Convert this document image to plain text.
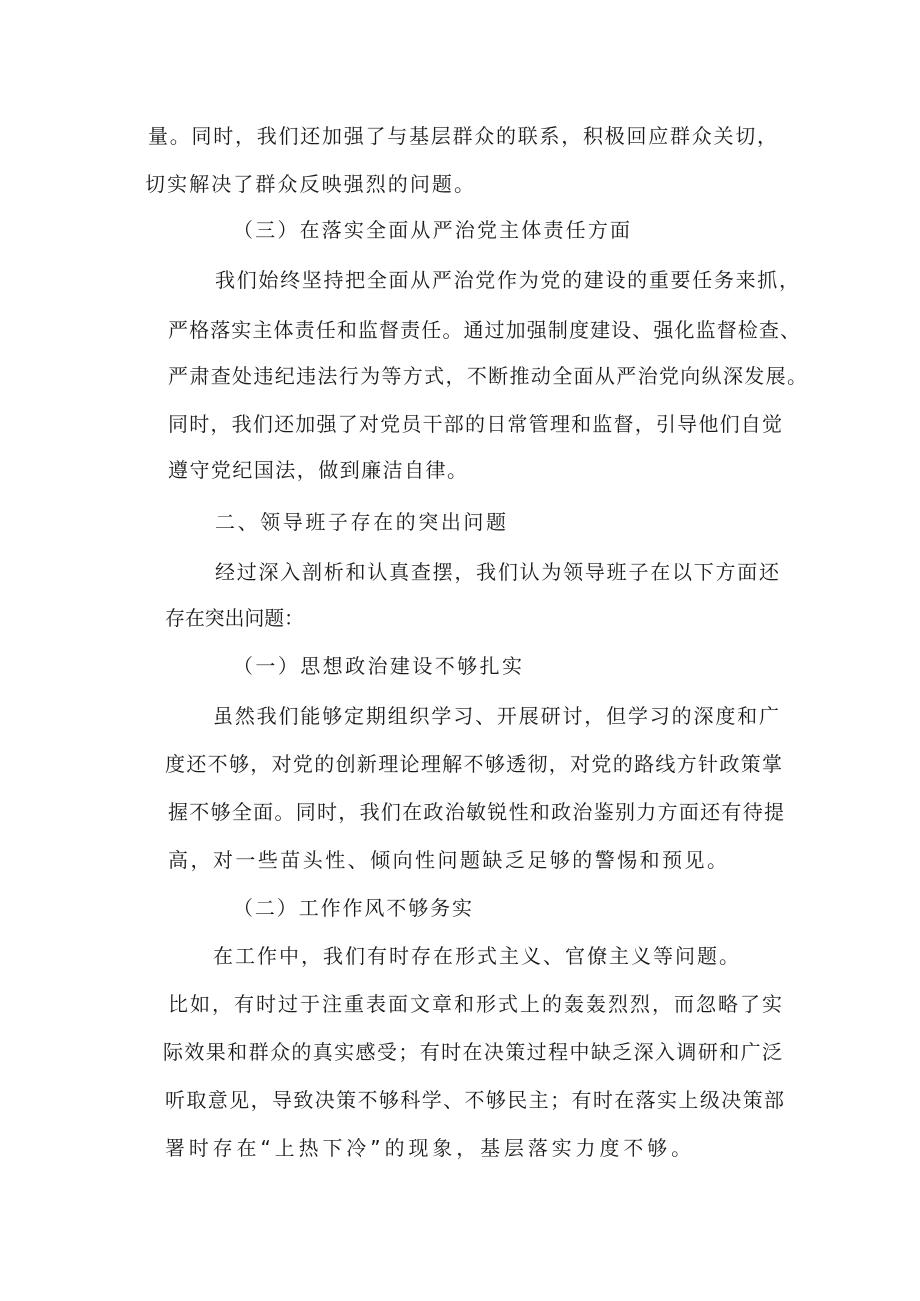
量。同时，我们还加强了与基层群众的联系，积极回应群众关切，
切实解决了群众反映强烈的问题。
（三）在落实全面从严治党主体责任方面
我们始终坚持把全面从严治党作为党的建设的重要任务来抓，
严格落实主体责任和监督责任。通过加强制度建设、强化监督检查、
严肃查处违纪违法行为等方式，不断推动全面从严治党向纵深发展。
同时，我们还加强了对党员干部的日常管理和监督，引导他们自觉
遵守党纪国法，做到廉洁自律。
二、领导班子存在的突出问题
经过深入剖析和认真查摆，我们认为领导班子在以下方面还
存在突出问题：
（一）思想政治建设不够扎实
虽然我们能够定期组织学习、开展研讨，但学习的深度和广
度还不够，对党的创新理论理解不够透彻，对党的路线方针政策掌
握不够全面。同时，我们在政治敏锐性和政治鉴别力方面还有待提
高，对一些苗头性、倾向性问题缺乏足够的警惕和预见。
（二）工作作风不够务实
在工作中，我们有时存在形式主义、官僚主义等问题。
比如，有时过于注重表面文章和形式上的轰轰烈烈，而忽略了实
际效果和群众的真实感受；有时在决策过程中缺乏深入调研和广泛
听取意见，导致决策不够科学、不够民主；有时在落实上级决策部
署时存在“上热下冷”的现象，基层落实力度不够。
